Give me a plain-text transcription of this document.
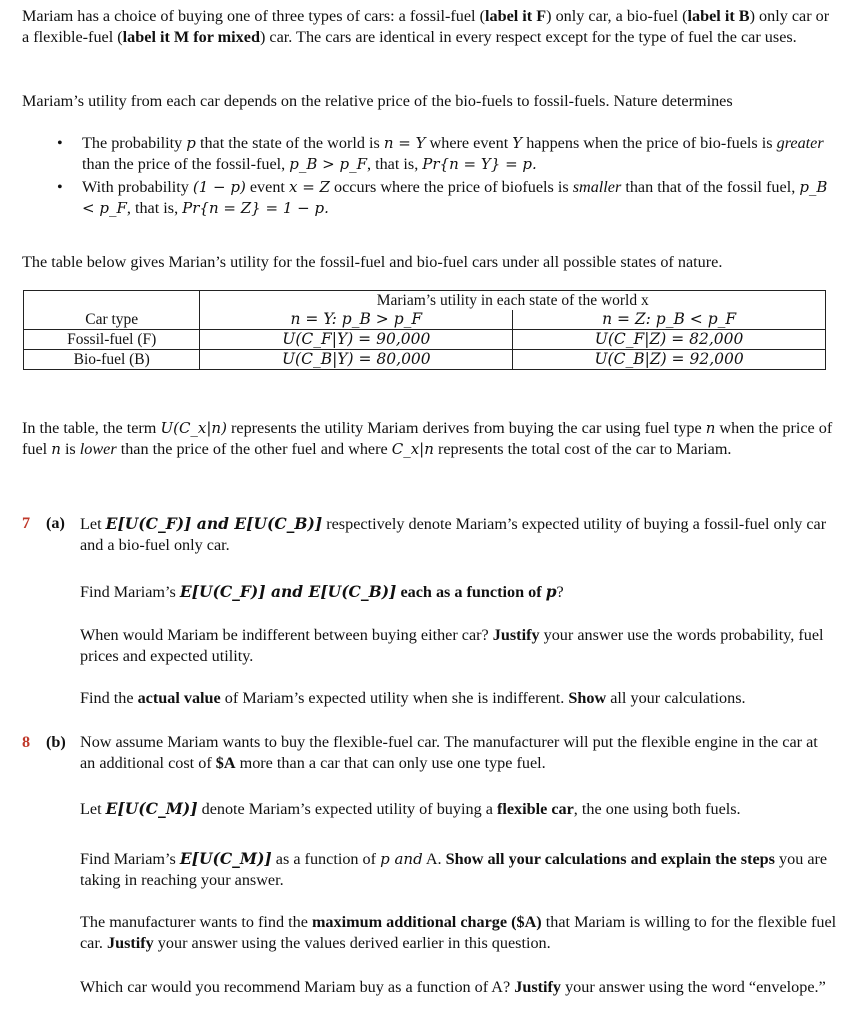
Mariam has a choice of buying one of three types of cars: a fossil-fuel (label it F) only car, a bio-fuel (label it B) only car or a flexible-fuel (label it M for mixed) car. The cars are identical in every respect except for the type of fuel the car uses.

Mariam’s utility from each car depends on the relative price of the bio-fuels to fossil-fuels. Nature determines

• The probability p that the state of the world is n = Y where event Y happens when the price of bio-fuels is greater than the price of the fossil-fuel, p_B > p_F, that is, Pr{n = Y} = p.
• With probability (1 − p) event x = Z occurs where the price of biofuels is smaller than that of the fossil fuel, p_B < p_F, that is, Pr{n = Z} = 1 − p.

The table below gives Marian’s utility for the fossil-fuel and bio-fuel cars under all possible states of nature.

	Mariam’s utility in each state of the world x	
Car type	n = Y: p_B > p_F	n = Z: p_B < p_F
Fossil-fuel (F)	U(C_F|Y) = 90,000	U(C_F|Z) = 82,000
Bio-fuel (B)	U(C_B|Y) = 80,000	U(C_B|Z) = 92,000

In the table, the term U(C_x|n) represents the utility Mariam derives from buying the car using fuel type n when the price of fuel n is lower than the price of the other fuel and where C_x|n represents the total cost of the car to Mariam.

7 (a) Let E[U(C_F)] and E[U(C_B)] respectively denote Mariam’s expected utility of buying a fossil-fuel only car and a bio-fuel only car.
Find Mariam’s E[U(C_F)] and E[U(C_B)] each as a function of p?
When would Mariam be indifferent between buying either car? Justify your answer use the words probability, fuel prices and expected utility.
Find the actual value of Mariam’s expected utility when she is indifferent. Show all your calculations.
8 (b) Now assume Mariam wants to buy the flexible-fuel car. The manufacturer will put the flexible engine in the car at an additional cost of $A more than a car that can only use one type fuel.
Let E[U(C_M)] denote Mariam’s expected utility of buying a flexible car, the one using both fuels.
Find Mariam’s E[U(C_M)] as a function of p and A. Show all your calculations and explain the steps you are taking in reaching your answer.
The manufacturer wants to find the maximum additional charge ($A) that Mariam is willing to for the flexible fuel car. Justify your answer using the values derived earlier in this question.
Which car would you recommend Mariam buy as a function of A? Justify your answer using the word “envelope.”
